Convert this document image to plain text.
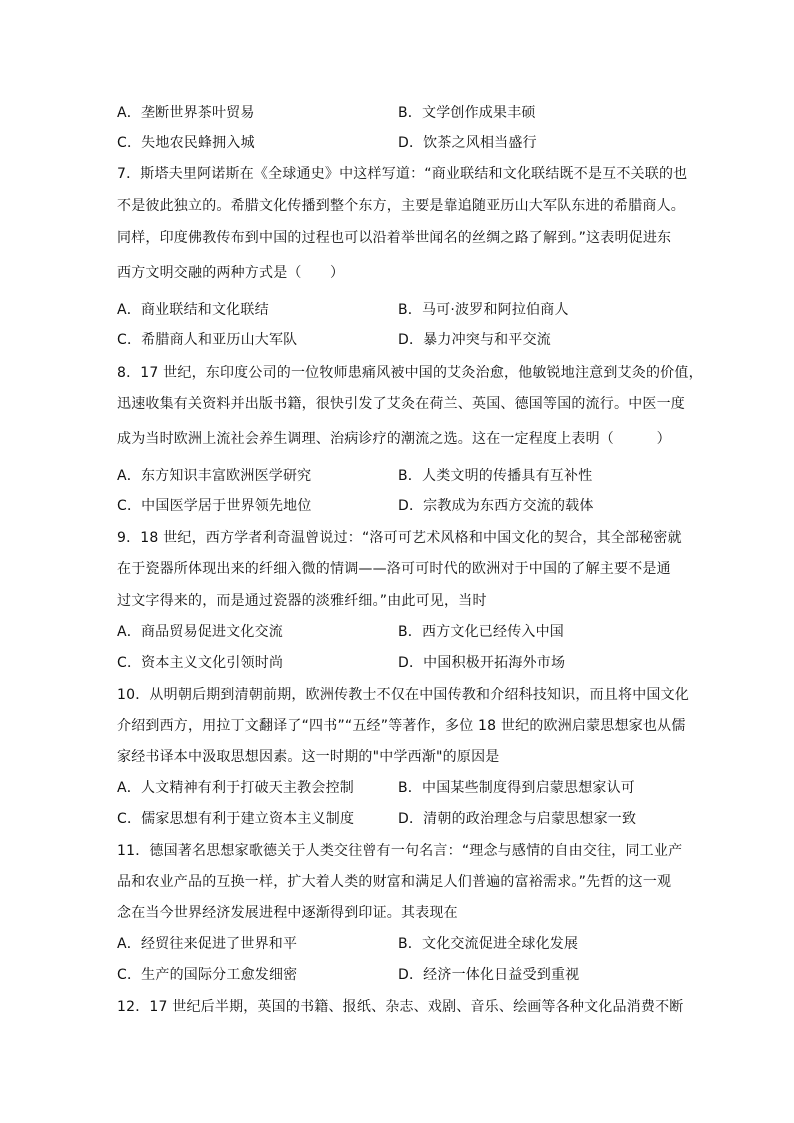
A．垄断世界茶叶贸易	B．文学创作成果丰硕
C．失地农民蜂拥入城	D．饮茶之风相当盛行
7．斯塔夫里阿诺斯在《全球通史》中这样写道：“商业联结和文化联结既不是互不关联的也
不是彼此独立的。希腊文化传播到整个东方，主要是靠追随亚历山大军队东进的希腊商人。
同样，印度佛教传布到中国的过程也可以沿着举世闻名的丝绸之路了解到。”这表明促进东
西方文明交融的两种方式是（　　）
A．商业联结和文化联结	B．马可·波罗和阿拉伯商人
C．希腊商人和亚历山大军队	D．暴力冲突与和平交流
8．17 世纪，东印度公司的一位牧师患痛风被中国的艾灸治愈，他敏锐地注意到艾灸的价值，
迅速收集有关资料并出版书籍，很快引发了艾灸在荷兰、英国、德国等国的流行。中医一度
成为当时欧洲上流社会养生调理、治病诊疗的潮流之选。这在一定程度上表明（　　　）
A．东方知识丰富欧洲医学研究	B．人类文明的传播具有互补性
C．中国医学居于世界领先地位	D．宗教成为东西方交流的载体
9．18 世纪，西方学者利奇温曾说过：“洛可可艺术风格和中国文化的契合，其全部秘密就
在于瓷器所体现出来的纤细入微的情调——洛可可时代的欧洲对于中国的了解主要不是通
过文字得来的，而是通过瓷器的淡雅纤细。”由此可见，当时
A．商品贸易促进文化交流	B．西方文化已经传入中国
C．资本主义文化引领时尚	D．中国积极开拓海外市场
10．从明朝后期到清朝前期，欧洲传教士不仅在中国传教和介绍科技知识，而且将中国文化
介绍到西方，用拉丁文翻译了“四书”“五经”等著作，多位 18 世纪的欧洲启蒙思想家也从儒
家经书译本中汲取思想因素。这一时期的"中学西渐"的原因是
A．人文精神有利于打破天主教会控制	B．中国某些制度得到启蒙思想家认可
C．儒家思想有利于建立资本主义制度	D．清朝的政治理念与启蒙思想家一致
11．德国著名思想家歌德关于人类交往曾有一句名言：“理念与感情的自由交往，同工业产
品和农业产品的互换一样，扩大着人类的财富和满足人们普遍的富裕需求。”先哲的这一观
念在当今世界经济发展进程中逐渐得到印证。其表现在
A．经贸往来促进了世界和平	B．文化交流促进全球化发展
C．生产的国际分工愈发细密	D．经济一体化日益受到重视
12．17 世纪后半期，英国的书籍、报纸、杂志、戏剧、音乐、绘画等各种文化品消费不断
